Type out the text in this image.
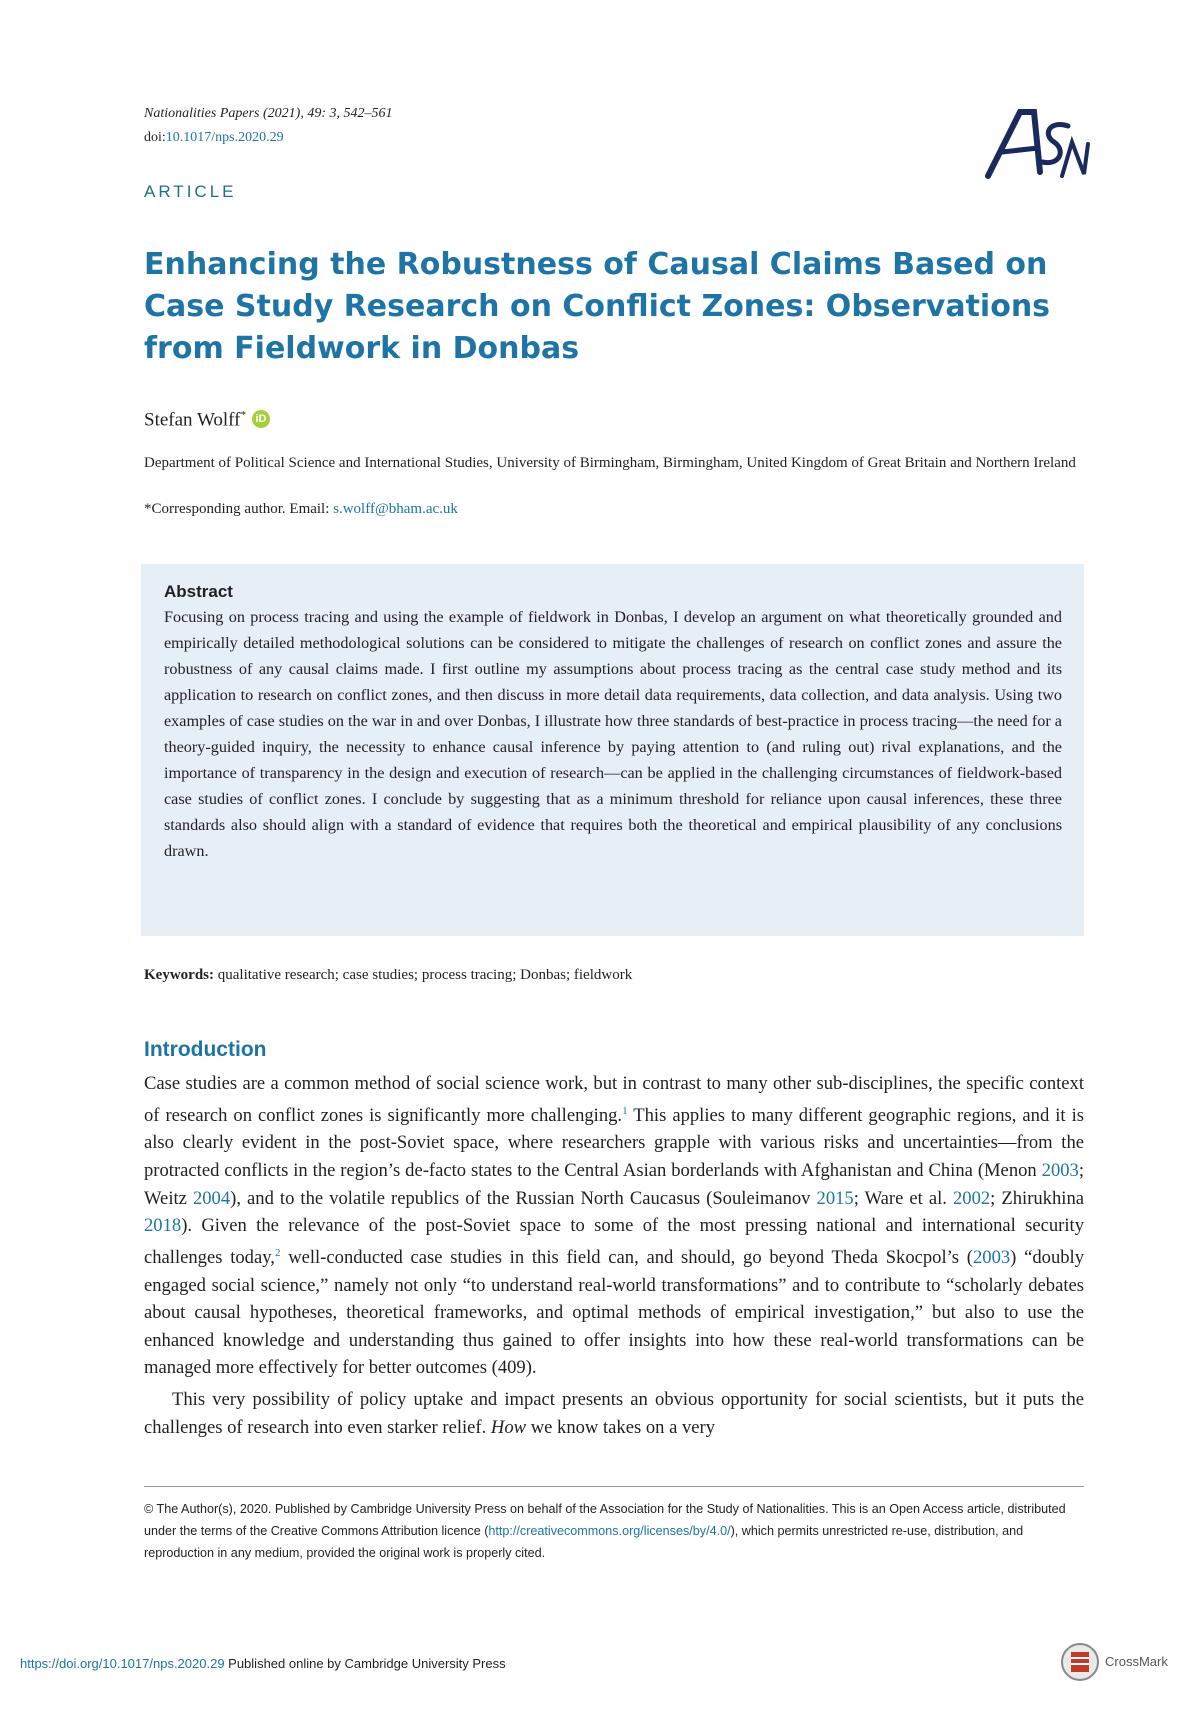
Nationalities Papers (2021), 49: 3, 542–561
doi:10.1017/nps.2020.29
ARTICLE
Enhancing the Robustness of Causal Claims Based on Case Study Research on Conflict Zones: Observations from Fieldwork in Donbas
Stefan Wolff* iD
Department of Political Science and International Studies, University of Birmingham, Birmingham, United Kingdom of Great Britain and Northern Ireland
*Corresponding author. Email: s.wolff@bham.ac.uk
Abstract
Focusing on process tracing and using the example of fieldwork in Donbas, I develop an argument on what theoretically grounded and empirically detailed methodological solutions can be considered to mitigate the challenges of research on conflict zones and assure the robustness of any causal claims made. I first outline my assumptions about process tracing as the central case study method and its application to research on conflict zones, and then discuss in more detail data requirements, data collection, and data analysis. Using two examples of case studies on the war in and over Donbas, I illustrate how three standards of best-practice in process tracing—the need for a theory-guided inquiry, the necessity to enhance causal inference by paying attention to (and ruling out) rival explanations, and the importance of transparency in the design and execution of research—can be applied in the challenging circumstances of fieldwork-based case studies of conflict zones. I conclude by suggesting that as a minimum threshold for reliance upon causal inferences, these three standards also should align with a standard of evidence that requires both the theoretical and empirical plausibility of any conclusions drawn.
Keywords: qualitative research; case studies; process tracing; Donbas; fieldwork
Introduction

Case studies are a common method of social science work, but in contrast to many other sub-disciplines, the specific context of research on conflict zones is significantly more challenging.$^1$ This applies to many different geographic regions, and it is also clearly evident in the post-Soviet space, where researchers grapple with various risks and uncertainties—from the protracted conflicts in the region’s de-facto states to the Central Asian borderlands with Afghanistan and China (Menon 2003; Weitz 2004), and to the volatile republics of the Russian North Caucasus (Souleimanov 2015; Ware et al. 2002; Zhirukhina 2018). Given the relevance of the post-Soviet space to some of the most pressing national and international security challenges today,$^2$ well-conducted case studies in this field can, and should, go beyond Theda Skocpol’s (2003) “doubly engaged social science,” namely not only “to understand real-world transformations” and to contribute to “scholarly debates about causal hypotheses, theoretical frameworks, and optimal methods of empirical investigation,” but also to use the enhanced knowledge and understanding thus gained to offer insights into how these real-world transformations can be managed more effectively for better outcomes (409).

This very possibility of policy uptake and impact presents an obvious opportunity for social scientists, but it puts the challenges of research into even starker relief. How we know takes on a very

© The Author(s), 2020. Published by Cambridge University Press on behalf of the Association for the Study of Nationalities. This is an Open Access article, distributed under the terms of the Creative Commons Attribution licence (http://creativecommons.org/licenses/by/4.0/), which permits unrestricted re-use, distribution, and reproduction in any medium, provided the original work is properly cited.
https://doi.org/10.1017/nps.2020.29 Published online by Cambridge University Press	CrossMark
